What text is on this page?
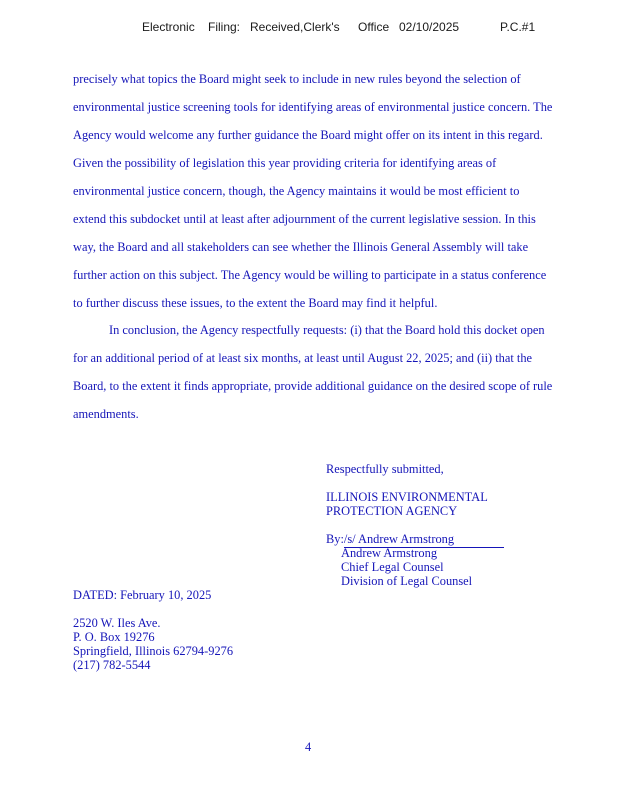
Electronic Filing: Received,Clerk's Office 02/10/2025	P.C.#1
precisely what topics the Board might seek to include in new rules beyond the selection of
environmental justice screening tools for identifying areas of environmental justice concern. The
Agency would welcome any further guidance the Board might offer on its intent in this regard.
Given the possibility of legislation this year providing criteria for identifying areas of
environmental justice concern, though, the Agency maintains it would be most efficient to
extend this subdocket until at least after adjournment of the current legislative session. In this
way, the Board and all stakeholders can see whether the Illinois General Assembly will take
further action on this subject. The Agency would be willing to participate in a status conference
to further discuss these issues, to the extent the Board may find it helpful.
In conclusion, the Agency respectfully requests: (i) that the Board hold this docket open
for an additional period of at least six months, at least until August 22, 2025; and (ii) that the
Board, to the extent it finds appropriate, provide additional guidance on the desired scope of rule
amendments.
Respectfully submitted,
ILLINOIS ENVIRONMENTAL
PROTECTION AGENCY
By:/s/ Andrew Armstrong
Andrew Armstrong
Chief Legal Counsel
Division of Legal Counsel
DATED: February 10, 2025
2520 W. Iles Ave.
P. O. Box 19276
Springfield, Illinois 62794-9276
(217) 782-5544
4
